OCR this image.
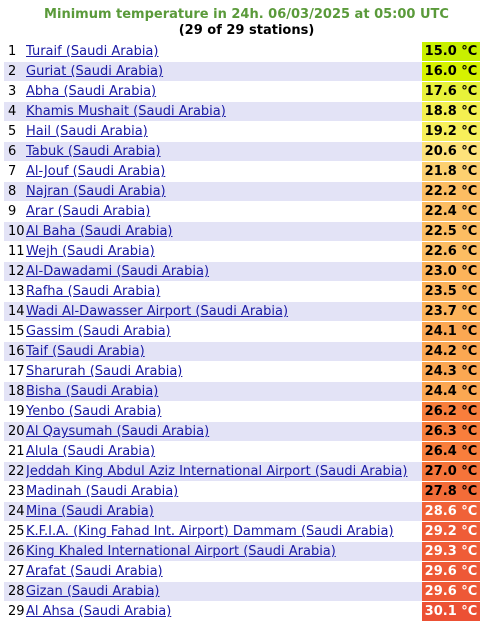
Minimum temperature in 24h. 06/03/2025 at 05:00 UTC
(29 of 29 stations)
1	Turaif (Saudi Arabia)	15.0 °C
2	Guriat (Saudi Arabia)	16.0 °C
3	Abha (Saudi Arabia)	17.6 °C
4	Khamis Mushait (Saudi Arabia)	18.8 °C
5	Hail (Saudi Arabia)	19.2 °C
6	Tabuk (Saudi Arabia)	20.6 °C
7	Al-Jouf (Saudi Arabia)	21.8 °C
8	Najran (Saudi Arabia)	22.2 °C
9	Arar (Saudi Arabia)	22.4 °C
10	Al Baha (Saudi Arabia)	22.5 °C
11	Wejh (Saudi Arabia)	22.6 °C
12	Al-Dawadami (Saudi Arabia)	23.0 °C
13	Rafha (Saudi Arabia)	23.5 °C
14	Wadi Al-Dawasser Airport (Saudi Arabia)	23.7 °C
15	Gassim (Saudi Arabia)	24.1 °C
16	Taif (Saudi Arabia)	24.2 °C
17	Sharurah (Saudi Arabia)	24.3 °C
18	Bisha (Saudi Arabia)	24.4 °C
19	Yenbo (Saudi Arabia)	26.2 °C
20	Al Qaysumah (Saudi Arabia)	26.3 °C
21	Alula (Saudi Arabia)	26.4 °C
22	Jeddah King Abdul Aziz International Airport (Saudi Arabia)	27.0 °C
23	Madinah (Saudi Arabia)	27.8 °C
24	Mina (Saudi Arabia)	28.6 °C
25	K.F.I.A. (King Fahad Int. Airport) Dammam (Saudi Arabia)	29.2 °C
26	King Khaled International Airport (Saudi Arabia)	29.3 °C
27	Arafat (Saudi Arabia)	29.6 °C
28	Gizan (Saudi Arabia)	29.6 °C
29	Al Ahsa (Saudi Arabia)	30.1 °C
